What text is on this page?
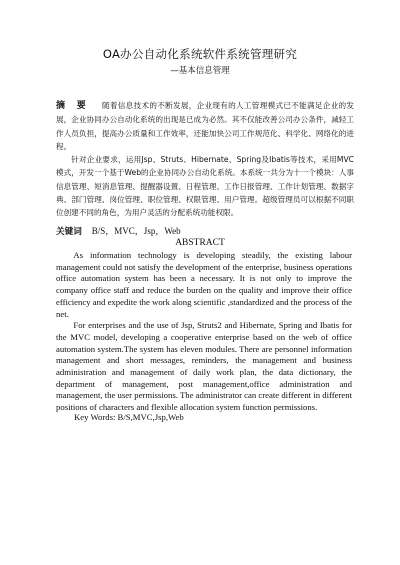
OA办公自动化系统软件系统管理研究
—基本信息管理

摘 要 随着信息技术的不断发展，企业现有的人工管理模式已不能满足企业的发展，企业协同办公自动化系统的出现是已成为必然。其不仅能改善公司办公条件，减轻工作人员负担，提高办公质量和工作效率，还能加快公司工作规范化、科学化、网络化的进程。

针对企业要求，运用Jsp、Struts、Hibernate、Spring及Ibatis等技术，采用MVC模式，开发一个基于Web的企业协同办公自动化系统。本系统一共分为十一个模块：人事信息管理、短消息管理、提醒器设置、日程管理、工作日报管理、工作计划管理、数据字典、部门管理、岗位管理、职位管理、权限管理、用户管理。超级管理员可以根据不同职位创建不同的角色，为用户灵活的分配系统功能权限。

关键词 B/S，MVC，Jsp，Web
ABSTRACT

As information technology is developing steadily, the existing labour management could not satisfy the development of the enterprise, business operations office automation system has been a necessary. It is not only to improve the company office staff and reduce the burden on the quality and improve their office efficiency and expedite the work along scientific ,standardized and the process of the net.

For enterprises and the use of Jsp, Struts2 and Hibernate, Spring and Ibatis for the MVC model, developing a cooperative enterprise based on the web of office automation system.The system has eleven modules. There are personnel information management and short messages, reminders, the management and business administration and management of daily work plan, the data dictionary, the department of management, post management,office administration and management, the user permissions. The administrator can create different in different positions of characters and flexible allocation system function permissions.

Key Words: B/S,MVC,Jsp,Web
